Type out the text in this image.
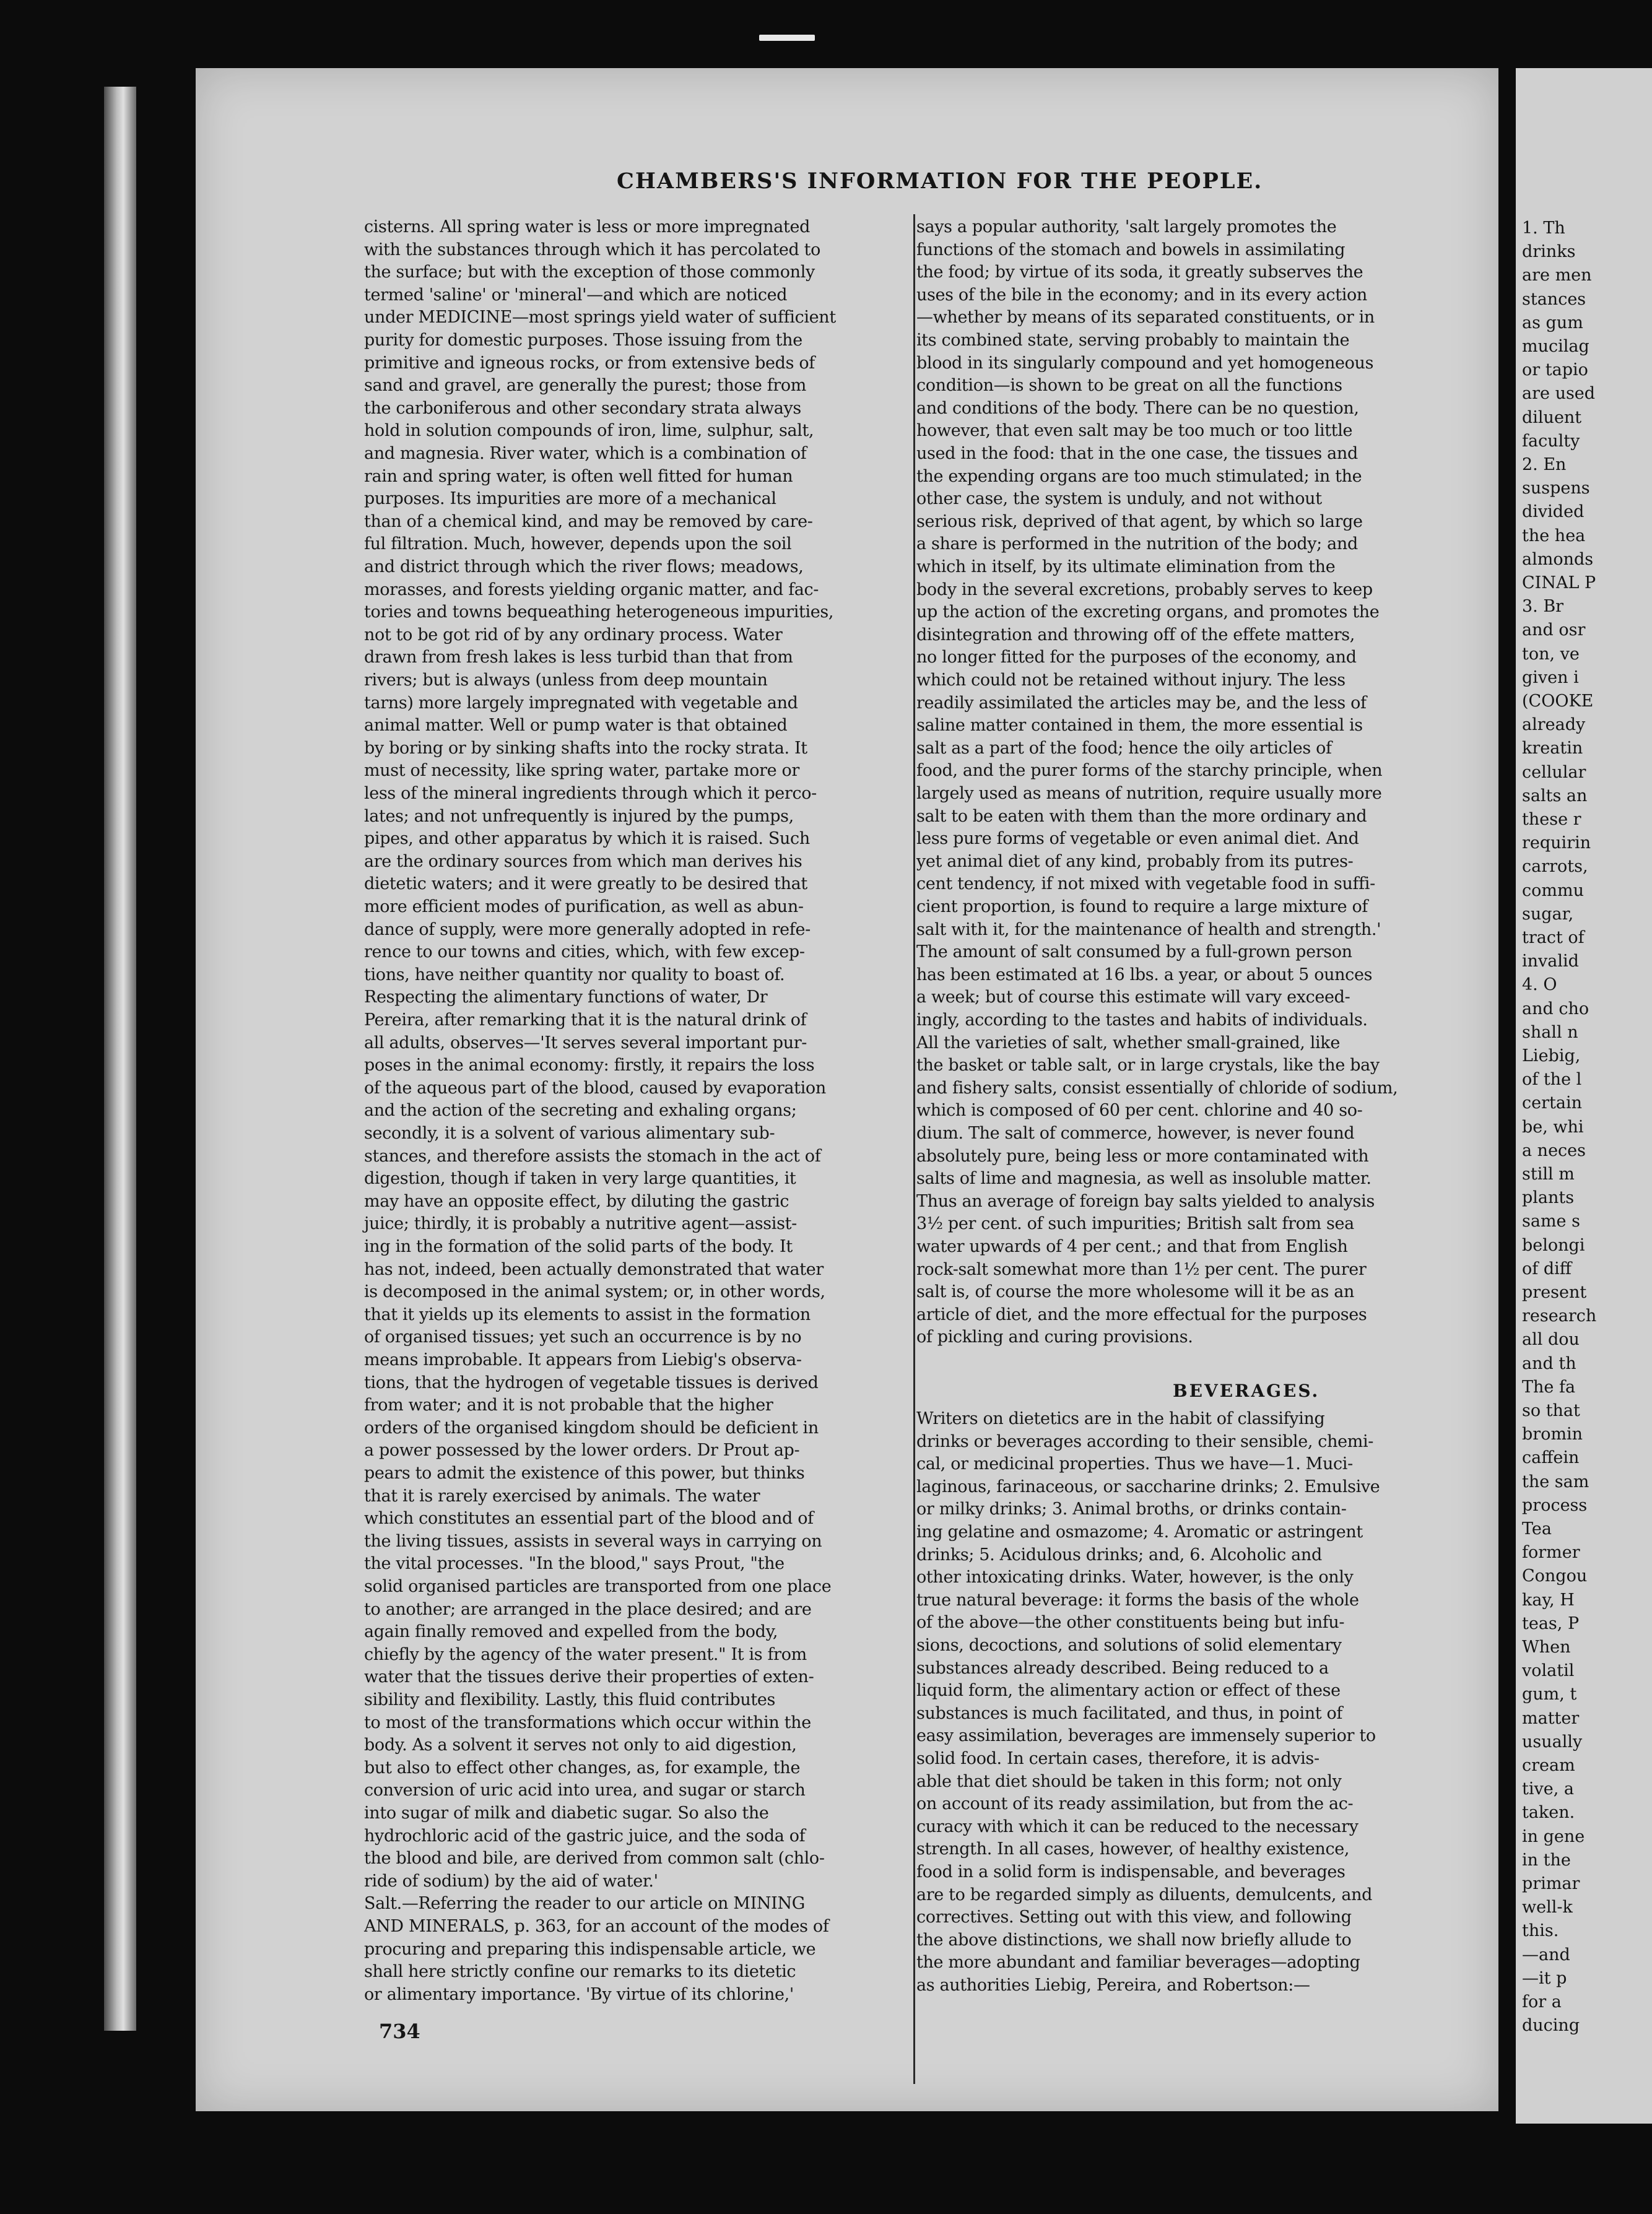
CHAMBERS'S INFORMATION FOR THE PEOPLE.
cisterns. All spring water is less or more impregnated
with the substances through which it has percolated to
the surface; but with the exception of those commonly
termed 'saline' or 'mineral'—and which are noticed
under MEDICINE—most springs yield water of sufficient
purity for domestic purposes. Those issuing from the
primitive and igneous rocks, or from extensive beds of
sand and gravel, are generally the purest; those from
the carboniferous and other secondary strata always
hold in solution compounds of iron, lime, sulphur, salt,
and magnesia. River water, which is a combination of
rain and spring water, is often well fitted for human
purposes. Its impurities are more of a mechanical
than of a chemical kind, and may be removed by care-
ful filtration. Much, however, depends upon the soil
and district through which the river flows; meadows,
morasses, and forests yielding organic matter, and fac-
tories and towns bequeathing heterogeneous impurities,
not to be got rid of by any ordinary process. Water
drawn from fresh lakes is less turbid than that from
rivers; but is always (unless from deep mountain
tarns) more largely impregnated with vegetable and
animal matter. Well or pump water is that obtained
by boring or by sinking shafts into the rocky strata. It
must of necessity, like spring water, partake more or
less of the mineral ingredients through which it perco-
lates; and not unfrequently is injured by the pumps,
pipes, and other apparatus by which it is raised. Such
are the ordinary sources from which man derives his
dietetic waters; and it were greatly to be desired that
more efficient modes of purification, as well as abun-
dance of supply, were more generally adopted in refe-
rence to our towns and cities, which, with few excep-
tions, have neither quantity nor quality to boast of.
Respecting the alimentary functions of water, Dr
Pereira, after remarking that it is the natural drink of
all adults, observes—'It serves several important pur-
poses in the animal economy: firstly, it repairs the loss
of the aqueous part of the blood, caused by evaporation
and the action of the secreting and exhaling organs;
secondly, it is a solvent of various alimentary sub-
stances, and therefore assists the stomach in the act of
digestion, though if taken in very large quantities, it
may have an opposite effect, by diluting the gastric
juice; thirdly, it is probably a nutritive agent—assist-
ing in the formation of the solid parts of the body. It
has not, indeed, been actually demonstrated that water
is decomposed in the animal system; or, in other words,
that it yields up its elements to assist in the formation
of organised tissues; yet such an occurrence is by no
means improbable. It appears from Liebig's observa-
tions, that the hydrogen of vegetable tissues is derived
from water; and it is not probable that the higher
orders of the organised kingdom should be deficient in
a power possessed by the lower orders. Dr Prout ap-
pears to admit the existence of this power, but thinks
that it is rarely exercised by animals. The water
which constitutes an essential part of the blood and of
the living tissues, assists in several ways in carrying on
the vital processes. "In the blood," says Prout, "the
solid organised particles are transported from one place
to another; are arranged in the place desired; and are
again finally removed and expelled from the body,
chiefly by the agency of the water present." It is from
water that the tissues derive their properties of exten-
sibility and flexibility. Lastly, this fluid contributes
to most of the transformations which occur within the
body. As a solvent it serves not only to aid digestion,
but also to effect other changes, as, for example, the
conversion of uric acid into urea, and sugar or starch
into sugar of milk and diabetic sugar. So also the
hydrochloric acid of the gastric juice, and the soda of
the blood and bile, are derived from common salt (chlo-
ride of sodium) by the aid of water.'
Salt.—Referring the reader to our article on MINING
AND MINERALS, p. 363, for an account of the modes of
procuring and preparing this indispensable article, we
shall here strictly confine our remarks to its dietetic
or alimentary importance. 'By virtue of its chlorine,'
says a popular authority, 'salt largely promotes the
functions of the stomach and bowels in assimilating
the food; by virtue of its soda, it greatly subserves the
uses of the bile in the economy; and in its every action
—whether by means of its separated constituents, or in
its combined state, serving probably to maintain the
blood in its singularly compound and yet homogeneous
condition—is shown to be great on all the functions
and conditions of the body. There can be no question,
however, that even salt may be too much or too little
used in the food: that in the one case, the tissues and
the expending organs are too much stimulated; in the
other case, the system is unduly, and not without
serious risk, deprived of that agent, by which so large
a share is performed in the nutrition of the body; and
which in itself, by its ultimate elimination from the
body in the several excretions, probably serves to keep
up the action of the excreting organs, and promotes the
disintegration and throwing off of the effete matters,
no longer fitted for the purposes of the economy, and
which could not be retained without injury. The less
readily assimilated the articles may be, and the less of
saline matter contained in them, the more essential is
salt as a part of the food; hence the oily articles of
food, and the purer forms of the starchy principle, when
largely used as means of nutrition, require usually more
salt to be eaten with them than the more ordinary and
less pure forms of vegetable or even animal diet. And
yet animal diet of any kind, probably from its putres-
cent tendency, if not mixed with vegetable food in suffi-
cient proportion, is found to require a large mixture of
salt with it, for the maintenance of health and strength.'
The amount of salt consumed by a full-grown person
has been estimated at 16 lbs. a year, or about 5 ounces
a week; but of course this estimate will vary exceed-
ingly, according to the tastes and habits of individuals.
All the varieties of salt, whether small-grained, like
the basket or table salt, or in large crystals, like the bay
and fishery salts, consist essentially of chloride of sodium,
which is composed of 60 per cent. chlorine and 40 so-
dium. The salt of commerce, however, is never found
absolutely pure, being less or more contaminated with
salts of lime and magnesia, as well as insoluble matter.
Thus an average of foreign bay salts yielded to analysis
3½ per cent. of such impurities; British salt from sea
water upwards of 4 per cent.; and that from English
rock-salt somewhat more than 1½ per cent. The purer
salt is, of course the more wholesome will it be as an
article of diet, and the more effectual for the purposes
of pickling and curing provisions.
Writers on dietetics are in the habit of classifying
drinks or beverages according to their sensible, chemi-
cal, or medicinal properties. Thus we have—1. Muci-
laginous, farinaceous, or saccharine drinks; 2. Emulsive
or milky drinks; 3. Animal broths, or drinks contain-
ing gelatine and osmazome; 4. Aromatic or astringent
drinks; 5. Acidulous drinks; and, 6. Alcoholic and
other intoxicating drinks. Water, however, is the only
true natural beverage: it forms the basis of the whole
of the above—the other constituents being but infu-
sions, decoctions, and solutions of solid elementary
substances already described. Being reduced to a
liquid form, the alimentary action or effect of these
substances is much facilitated, and thus, in point of
easy assimilation, beverages are immensely superior to
solid food. In certain cases, therefore, it is advis-
able that diet should be taken in this form; not only
on account of its ready assimilation, but from the ac-
curacy with which it can be reduced to the necessary
strength. In all cases, however, of healthy existence,
food in a solid form is indispensable, and beverages
are to be regarded simply as diluents, demulcents, and
correctives. Setting out with this view, and following
the above distinctions, we shall now briefly allude to
the more abundant and familiar beverages—adopting
as authorities Liebig, Pereira, and Robertson:—
BEVERAGES.
734
1. Th
drinks
are men
stances
as gum
mucilag
or tapio
are used
diluent
faculty
2. En
suspens
divided
the hea
almonds
CINAL P
3. Br
and osr
ton, ve
given i
(COOKE
already
kreatin
cellular
salts an
these r
requirin
carrots,
commu
sugar,
tract of
invalid
4. O
and cho
shall n
Liebig,
of the l
certain
be, whi
a neces
still m
plants
same s
belongi
of diff
present
research
all dou
and th
The fa
so that
bromin
caffein
the sam
process
Tea
former
Congou
kay, H
teas, P
When
volatil
gum, t
matter
usually
cream
tive, a
taken.
in gene
in the
primar
well-k
this.
—and
—it p
for a
ducing
